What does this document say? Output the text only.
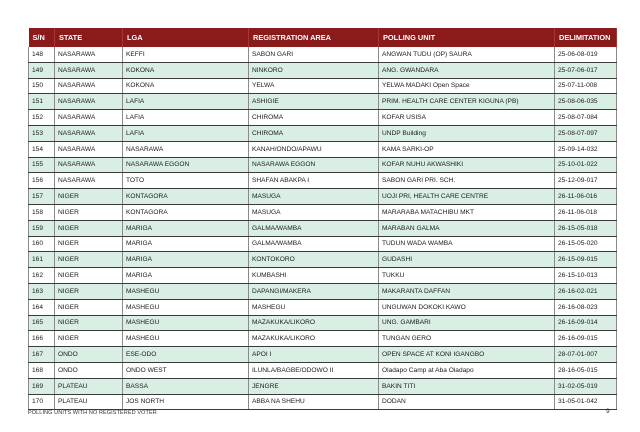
S/N	STATE	LGA	REGISTRATION AREA	POLLING UNIT	DELIMITATION
148	NASARAWA	KEFFI	SABON GARI	ANGWAN TUDU (OP) SAURA	25-06-08-019
149	NASARAWA	KOKONA	NINKORO	ANG. GWANDARA	25-07-06-017
150	NASARAWA	KOKONA	YELWA	YELWA MADAKI Open Space	25-07-11-008
151	NASARAWA	LAFIA	ASHIGIE	PRIM. HEALTH CARE CENTER KIGUNA (PB)	25-08-06-035
152	NASARAWA	LAFIA	CHIROMA	KOFAR USISA	25-08-07-084
153	NASARAWA	LAFIA	CHIROMA	UNDP Building	25-08-07-097
154	NASARAWA	NASARAWA	KANAH/ONDO/APAWU	KAMA SARKI-OP	25-09-14-032
155	NASARAWA	NASARAWA EGGON	NASARAWA EGGON	KOFAR NUHU AKWASHIKI	25-10-01-022
156	NASARAWA	TOTO	SHAFAN ABAKPA I	SABON GARI PRI. SCH.	25-12-09-017
157	NIGER	KONTAGORA	MASUGA	UOJI PRI, HEALTH CARE CENTRE	26-11-06-016
158	NIGER	KONTAGORA	MASUGA	MARARABA MATACHIBU MKT	26-11-06-018
159	NIGER	MARIGA	GALMA/WAMBA	MARABAN GALMA	26-15-05-018
160	NIGER	MARIGA	GALMA/WAMBA	TUDUN WADA WAMBA	26-15-05-020
161	NIGER	MARIGA	KONTOKORO	GUDASHI	26-15-09-015
162	NIGER	MARIGA	KUMBASHI	TUKKU	26-15-10-013
163	NIGER	MASHEGU	DAPANGI/MAKERA	MAKARANTA DAFFAN	26-16-02-021
164	NIGER	MASHEGU	MASHEGU	UNGUWAN DOKOKI KAWO	26-16-08-023
165	NIGER	MASHEGU	MAZAKUKA/LIKORO	UNG. GAMBARI	26-16-09-014
166	NIGER	MASHEGU	MAZAKUKA/LIKORO	TUNGAN GERO	26-16-09-015
167	ONDO	ESE-ODO	APOI I	OPEN SPACE AT KONI IGANGBO	28-07-01-007
168	ONDO	ONDO WEST	ILUNLA/BAGBE/ODOWO II	Oladapo Camp at Aba Oladapo	28-16-05-015
169	PLATEAU	BASSA	JENGRE	BAKIN TITI	31-02-05-019
170	PLATEAU	JOS NORTH	ABBA NA SHEHU	DODAN	31-05-01-042
POLLING UNITS WITH NO REGISTERED VOTER	9
